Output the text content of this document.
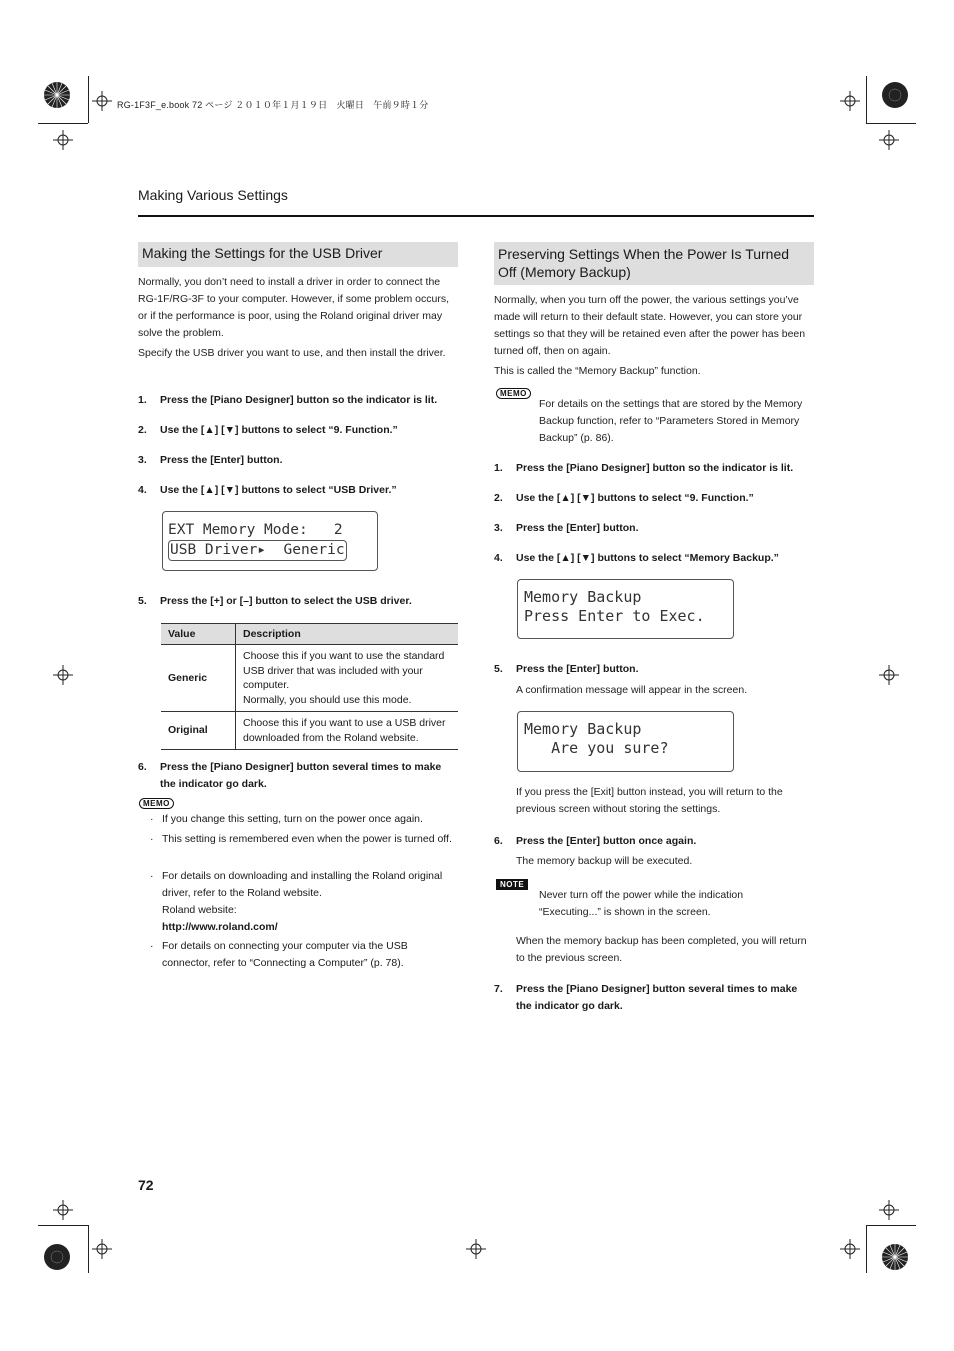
RG-1F3F_e.book 72 ページ ２０１０年１月１９日　火曜日　午前９時１分
Making Various Settings
Making the Settings for the USB Driver
Normally, you don’t need to install a driver in order to connect the RG-1F/RG-3F to your computer. However, if some problem occurs, or if the performance is poor, using the Roland original driver may solve the problem.
Specify the USB driver you want to use, and then install the driver.
1. Press the [Piano Designer] button so the indicator is lit.
2. Use the [▲] [▼] buttons to select “9. Function.”
3. Press the [Enter] button.
4. Use the [▲] [▼] buttons to select “USB Driver.”
EXT Memory Mode:   2
USB Driver▸ Generic
5. Press the [+] or [–] button to select the USB driver.
Value	Description
Generic	Choose this if you want to use the standard
USB driver that was included with your
computer.
Normally, you should use this mode.

Original	Choose this if you want to use a USB driver
downloaded from the Roland website.
6. Press the [Piano Designer] button several times to make the indicator go dark.
MEMO
· If you change this setting, turn on the power once again.
· This setting is remembered even when the power is turned off.
· For details on downloading and installing the Roland original driver, refer to the Roland website.
Roland website:
http://www.roland.com/
· For details on connecting your computer via the USB connector, refer to “Connecting a Computer” (p. 78).
Preserving Settings When the Power Is Turned Off (Memory Backup)
Normally, when you turn off the power, the various settings you’ve made will return to their default state. However, you can store your settings so that they will be retained even after the power has been turned off, then on again.
This is called the “Memory Backup” function.
MEMO
For details on the settings that are stored by the Memory Backup function, refer to “Parameters Stored in Memory Backup” (p. 86).
1. Press the [Piano Designer] button so the indicator is lit.
2. Use the [▲] [▼] buttons to select “9. Function.”
3. Press the [Enter] button.
4. Use the [▲] [▼] buttons to select “Memory Backup.”
Memory Backup
Press Enter to Exec.
5. Press the [Enter] button.
A confirmation message will appear in the screen.
Memory Backup
Are you sure?
If you press the [Exit] button instead, you will return to the previous screen without storing the settings.
6. Press the [Enter] button once again.
The memory backup will be executed.
NOTE
Never turn off the power while the indication “Executing...” is shown in the screen.
When the memory backup has been completed, you will return to the previous screen.
7. Press the [Piano Designer] button several times to make the indicator go dark.
72
